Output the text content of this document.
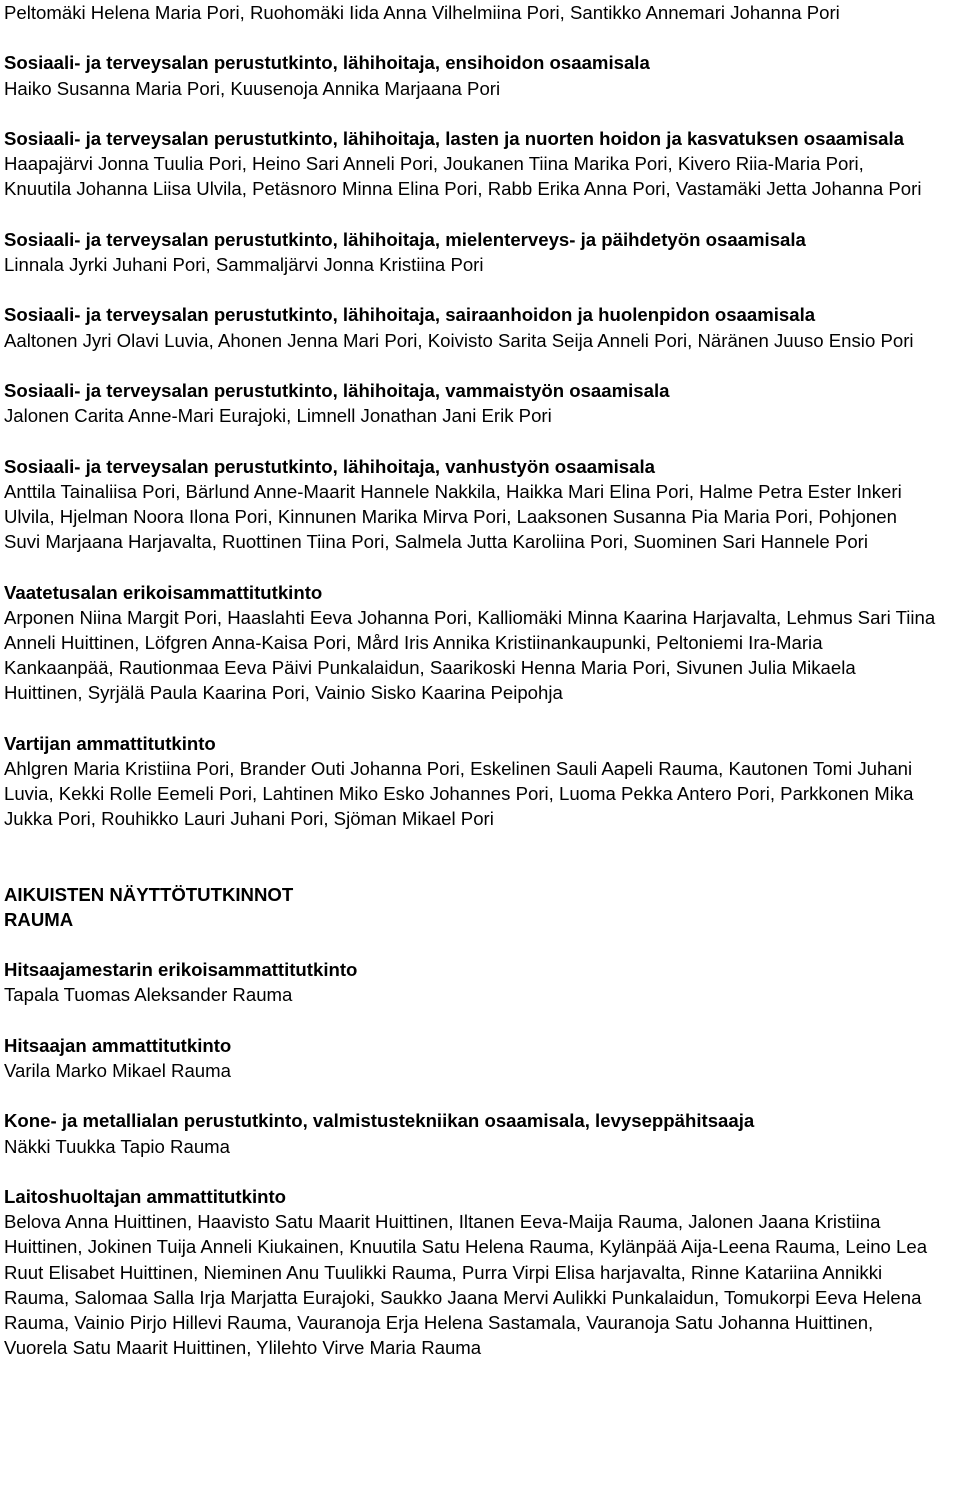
Peltomäki Helena Maria Pori, Ruohomäki Iida Anna Vilhelmiina Pori, Santikko Annemari Johanna Pori

Sosiaali- ja terveysalan perustutkinto, lähihoitaja, ensihoidon osaamisala

Haiko Susanna Maria Pori, Kuusenoja Annika Marjaana Pori

Sosiaali- ja terveysalan perustutkinto, lähihoitaja, lasten ja nuorten hoidon ja kasvatuksen osaamisala

Haapajärvi Jonna Tuulia Pori, Heino Sari Anneli Pori, Joukanen Tiina Marika Pori, Kivero Riia-Maria Pori, Knuutila Johanna Liisa Ulvila, Petäsnoro Minna Elina Pori, Rabb Erika Anna Pori, Vastamäki Jetta Johanna Pori

Sosiaali- ja terveysalan perustutkinto, lähihoitaja, mielenterveys- ja päihdetyön osaamisala

Linnala Jyrki Juhani Pori, Sammaljärvi Jonna Kristiina Pori

Sosiaali- ja terveysalan perustutkinto, lähihoitaja, sairaanhoidon ja huolenpidon osaamisala

Aaltonen Jyri Olavi Luvia, Ahonen Jenna Mari Pori, Koivisto Sarita Seija Anneli Pori, Näränen Juuso Ensio Pori

Sosiaali- ja terveysalan perustutkinto, lähihoitaja, vammaistyön osaamisala

Jalonen Carita Anne-Mari Eurajoki, Limnell Jonathan Jani Erik Pori

Sosiaali- ja terveysalan perustutkinto, lähihoitaja, vanhustyön osaamisala

Anttila Tainaliisa Pori, Bärlund Anne-Maarit Hannele Nakkila, Haikka Mari Elina Pori, Halme Petra Ester Inkeri Ulvila, Hjelman Noora Ilona Pori, Kinnunen Marika Mirva Pori, Laaksonen Susanna Pia Maria Pori, Pohjonen Suvi Marjaana Harjavalta, Ruottinen Tiina Pori, Salmela Jutta Karoliina Pori, Suominen Sari Hannele Pori

Vaatetusalan erikoisammattitutkinto

Arponen Niina Margit Pori, Haaslahti Eeva Johanna Pori, Kalliomäki Minna Kaarina Harjavalta, Lehmus Sari Tiina Anneli Huittinen, Löfgren Anna-Kaisa Pori, Mård Iris Annika Kristiinankaupunki, Peltoniemi Ira-Maria Kankaanpää, Rautionmaa Eeva Päivi Punkalaidun, Saarikoski Henna Maria Pori, Sivunen Julia Mikaela Huittinen, Syrjälä Paula Kaarina Pori, Vainio Sisko Kaarina Peipohja

Vartijan ammattitutkinto

Ahlgren Maria Kristiina Pori, Brander Outi Johanna Pori, Eskelinen Sauli Aapeli Rauma, Kautonen Tomi Juhani Luvia, Kekki Rolle Eemeli Pori, Lahtinen Miko Esko Johannes Pori, Luoma Pekka Antero Pori, Parkkonen Mika Jukka Pori, Rouhikko Lauri Juhani Pori, Sjöman Mikael Pori

AIKUISTEN NÄYTTÖTUTKINNOT

RAUMA

Hitsaajamestarin erikoisammattitutkinto

Tapala Tuomas Aleksander Rauma

Hitsaajan ammattitutkinto

Varila Marko Mikael Rauma

Kone- ja metallialan perustutkinto, valmistustekniikan osaamisala, levyseppähitsaaja

Näkki Tuukka Tapio Rauma

Laitoshuoltajan ammattitutkinto

Belova Anna Huittinen, Haavisto Satu Maarit Huittinen, Iltanen Eeva-Maija Rauma, Jalonen Jaana Kristiina Huittinen, Jokinen Tuija Anneli Kiukainen, Knuutila Satu Helena Rauma, Kylänpää Aija-Leena Rauma, Leino Lea Ruut Elisabet Huittinen, Nieminen Anu Tuulikki Rauma, Purra Virpi Elisa harjavalta, Rinne Katariina Annikki Rauma, Salomaa Salla Irja Marjatta Eurajoki, Saukko Jaana Mervi Aulikki Punkalaidun, Tomukorpi Eeva Helena Rauma, Vainio Pirjo Hillevi Rauma, Vauranoja Erja Helena Sastamala, Vauranoja Satu Johanna Huittinen, Vuorela Satu Maarit Huittinen, Ylilehto Virve Maria Rauma
